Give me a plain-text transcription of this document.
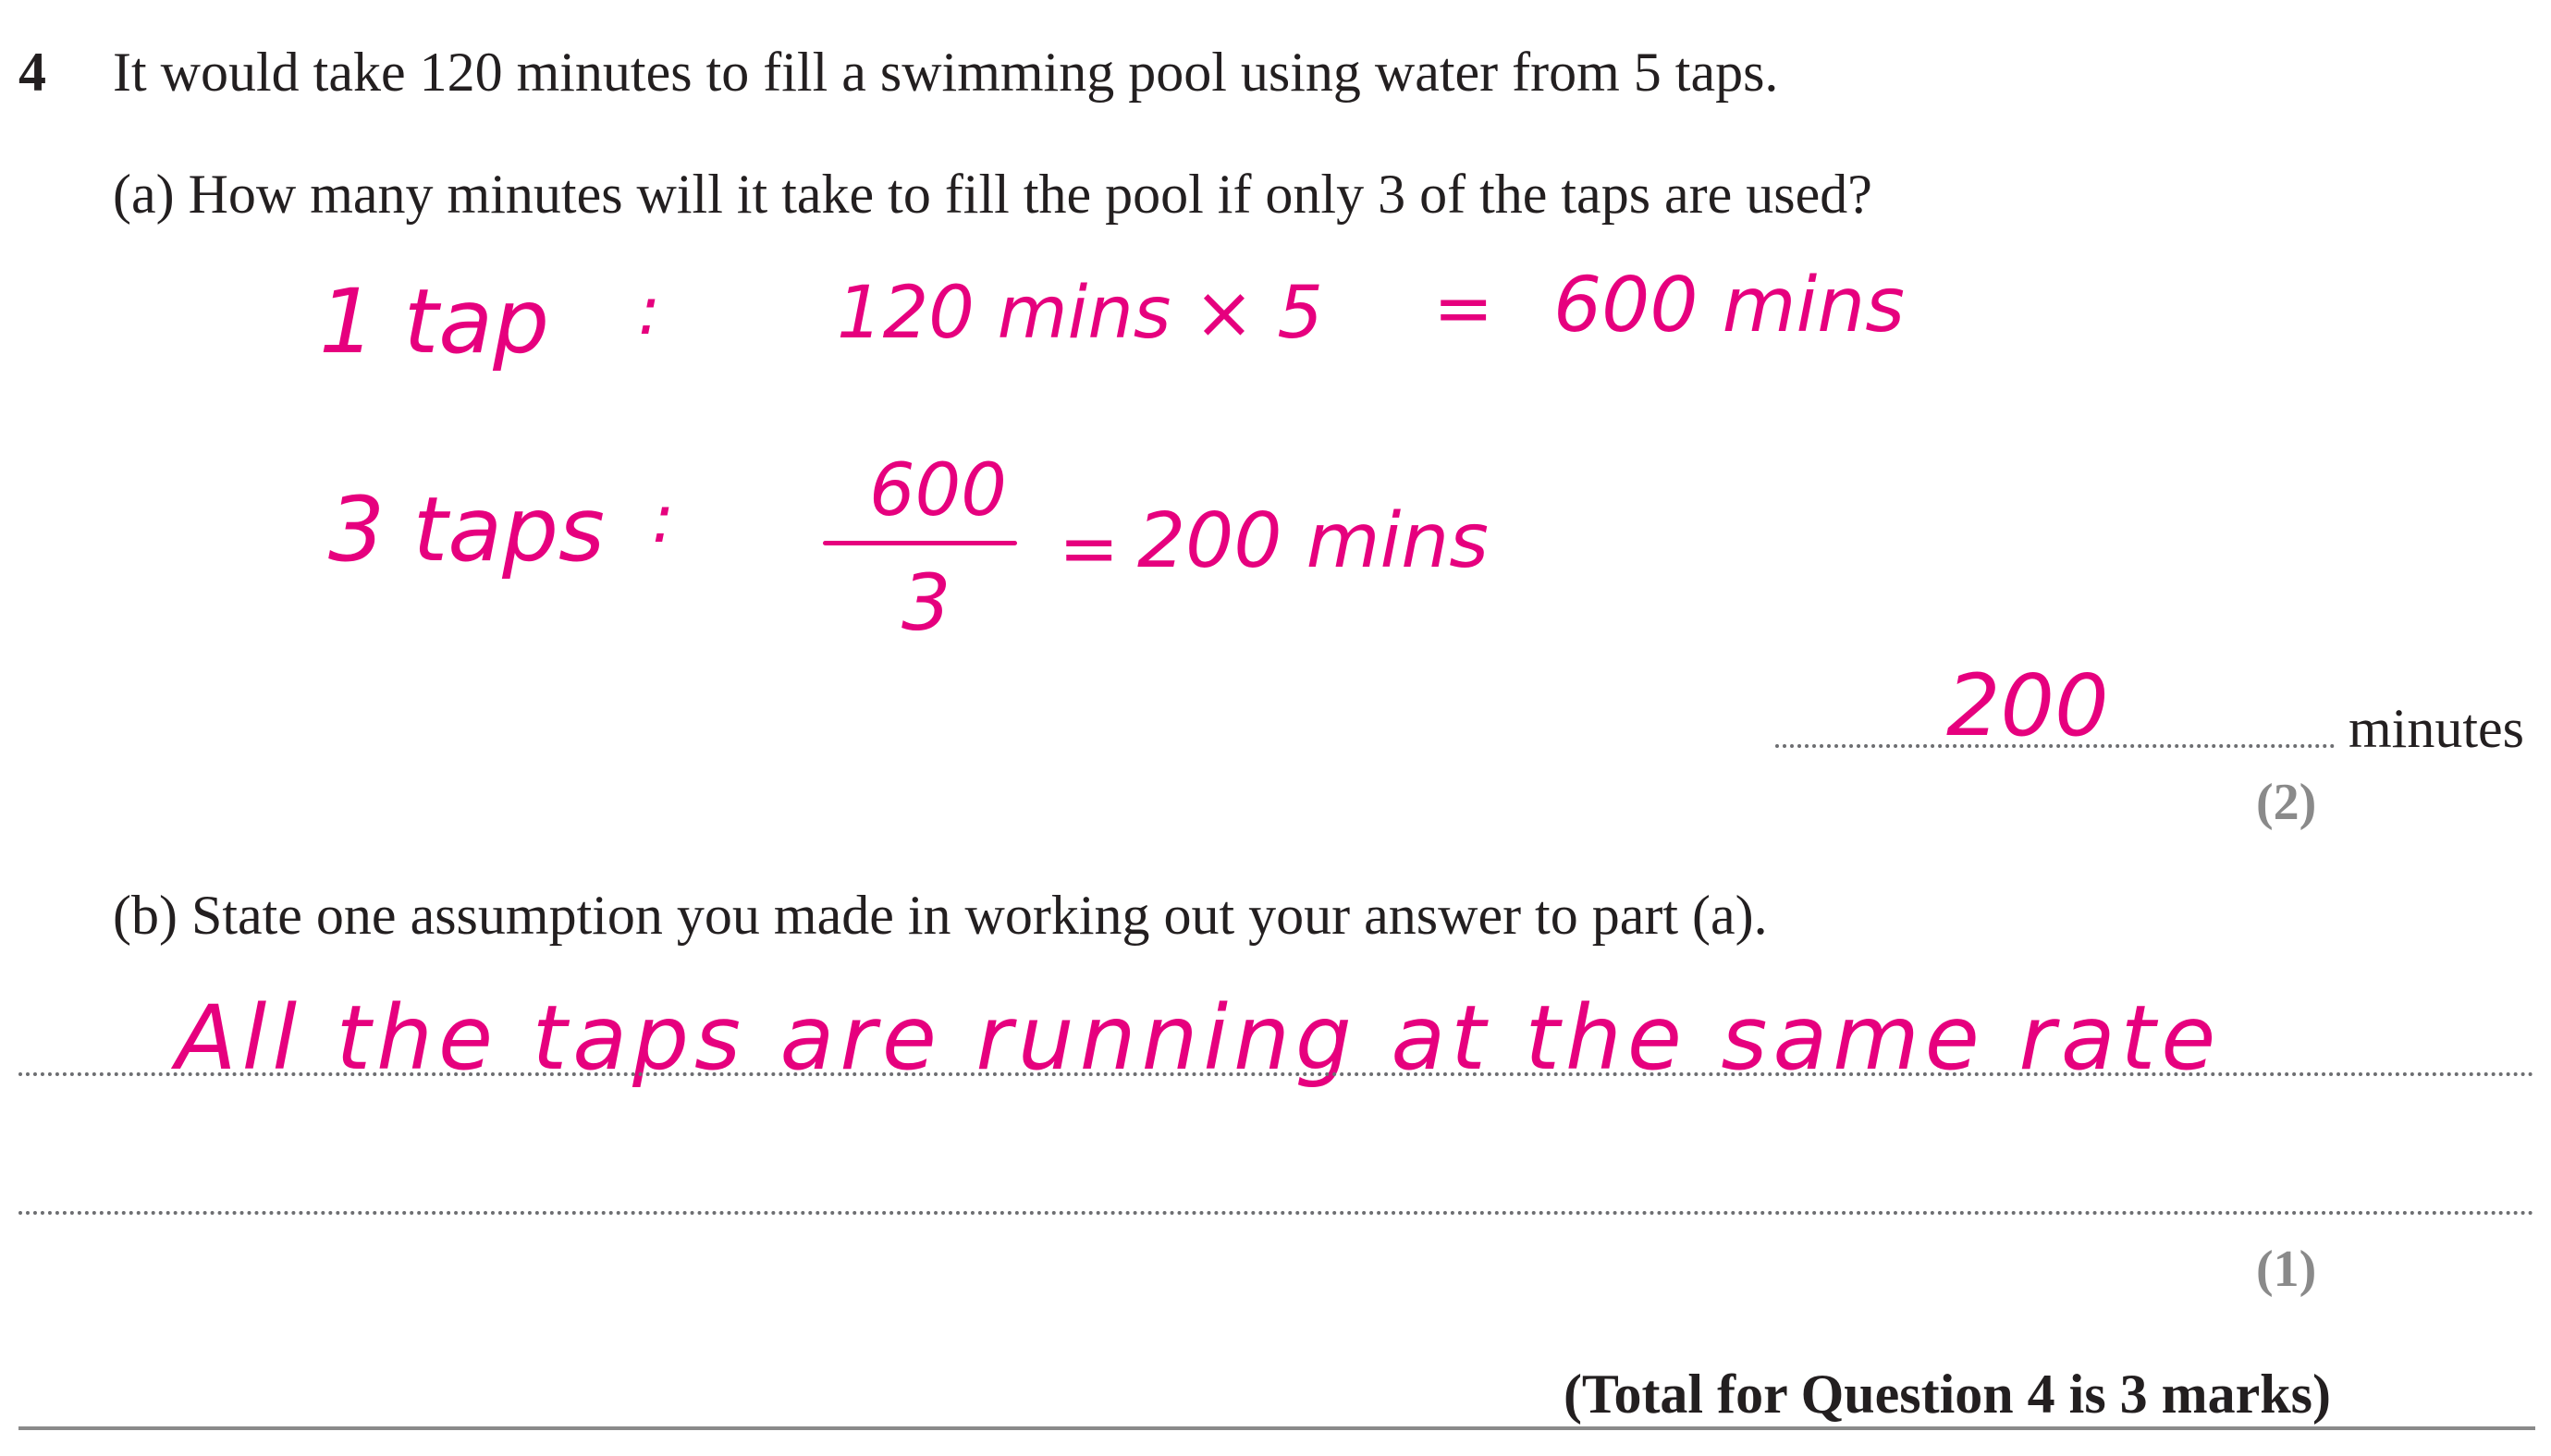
4 It would take 120 minutes to fill a swimming pool using water from 5 taps.
(a) How many minutes will it take to fill the pool if only 3 of the taps are used?
1 tap : 120 mins × 5 = 600 mins
3 taps :	600
3
= 200 mins
200	minutes
(2)
(b) State one assumption you made in working out your answer to part (a).
All the taps are running at the same rate
(1)
(Total for Question 4 is 3 marks)
